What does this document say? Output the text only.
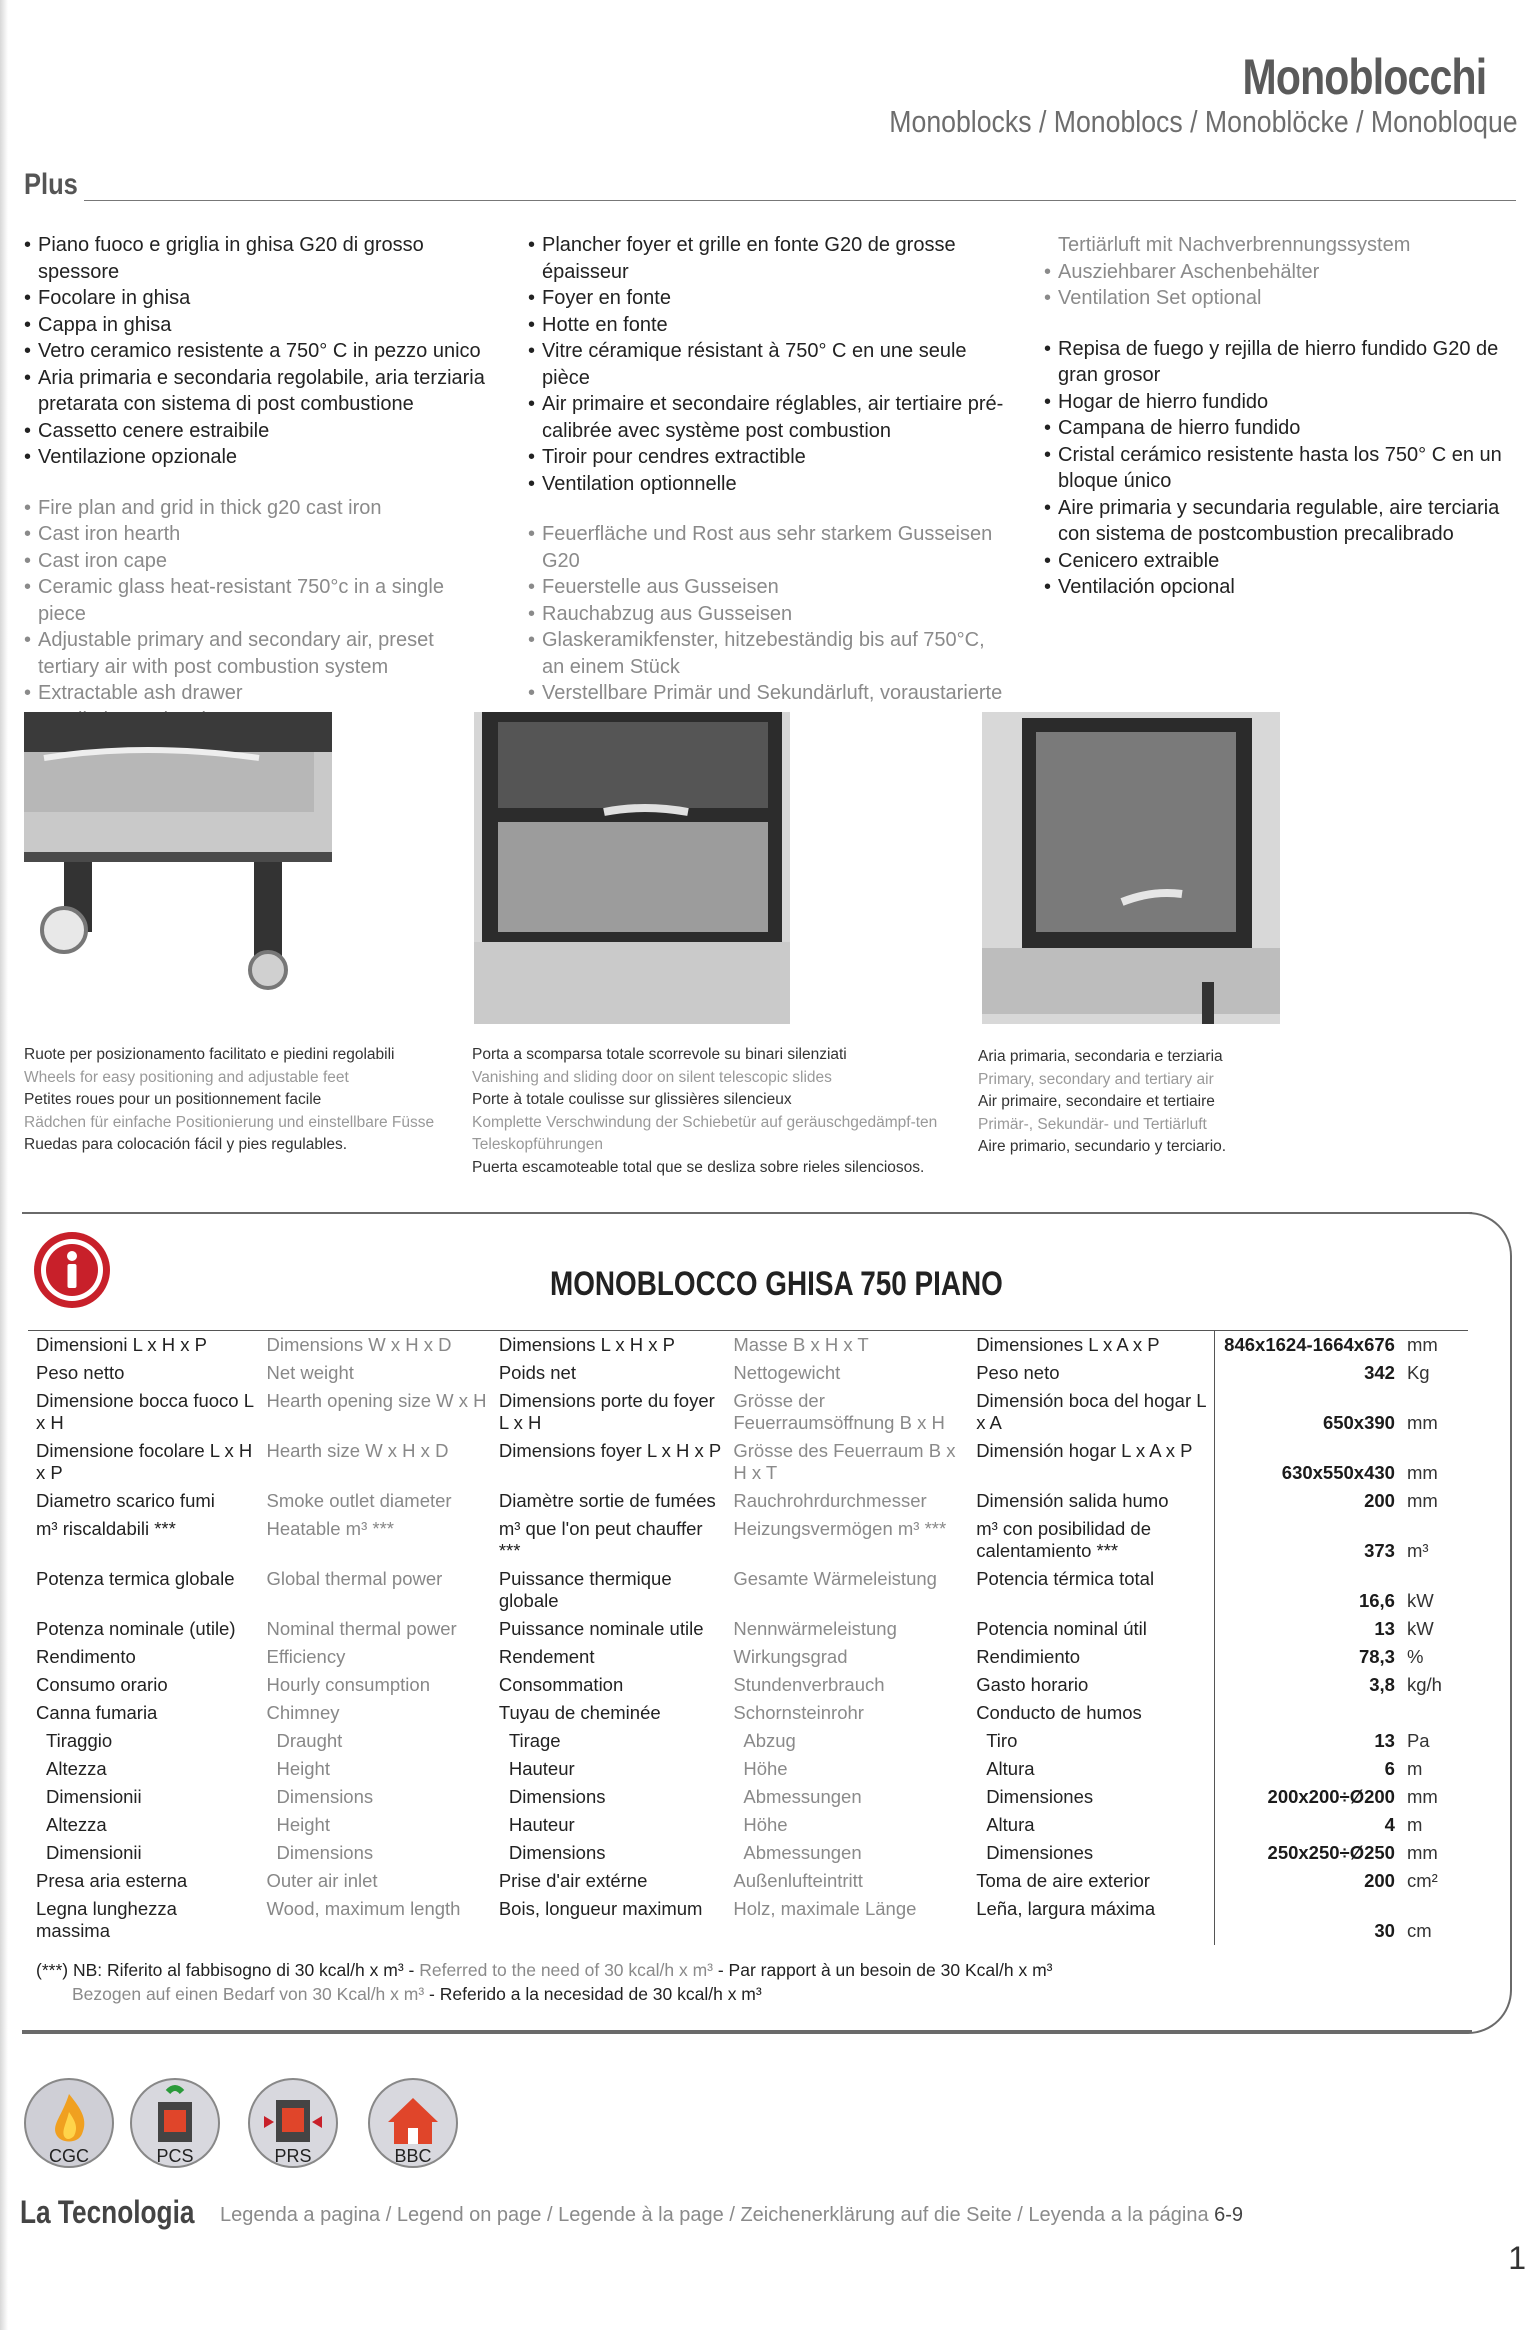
Monoblocchi
Monoblocks / Monoblocs / Monoblöcke / Monobloque
Plus
• Piano fuoco e griglia in ghisa G20 di grosso spessore
• Focolare in ghisa
• Cappa in ghisa
• Vetro ceramico resistente a 750° C in pezzo unico
• Aria primaria e secondaria regolabile, aria terziaria pretarata con sistema di post combustione
• Cassetto cenere estraibile
• Ventilazione opzionale
• Fire plan and grid in thick g20 cast iron
• Cast iron hearth
• Cast iron cape
• Ceramic glass heat-resistant 750°c in a single piece
• Adjustable primary and secondary air, preset tertiary air with post combustion system
• Extractable ash drawer
•
• Plancher foyer et grille en fonte G20 de grosse épaisseur
• Foyer en fonte
• Hotte en fonte
• Vitre céramique résistant à 750° C en une seule pièce
• Air primaire et secondaire réglables, air tertiaire pré-calibrée avec système post combustion
• Tiroir pour cendres extractible
• Ventilation optionnelle
• Feuerfläche und Rost aus sehr starkem Gusseisen G20
• Feuerstelle aus Gusseisen
• Rauchabzug aus Gusseisen
• Glaskeramikfenster, hitzebeständig bis auf 750°C, an einem Stück
• Verstellbare Primär und Sekundärluft, voraustarierte
Tertiärluft mit Nachverbrennungssystem
• Ausziehbarer Aschenbehälter
• Ventilation Set optional
• Repisa de fuego y rejilla de hierro fundido G20 de gran grosor
• Hogar de hierro fundido
• Campana de hierro fundido
• Cristal cerámico resistente hasta los 750° C en un bloque único
• Aire primaria y secundaria regulable, aire terciaria con sistema de postcombustion precalibrado
• Cenicero extraible
• Ventilación opcional
Ruote per posizionamento facilitato e piedini regolabili
Wheels for easy positioning and adjustable feet
Petites roues pour un positionnement facile
Rädchen für einfache Positionierung und einstellbare Füsse
Ruedas para colocación fácil y pies regulables.
Porta a scomparsa totale scorrevole su binari silenziati
Vanishing and sliding door on silent telescopic slides
Porte à totale coulisse sur glissières silencieux
Komplette Verschwindung der Schiebetür auf geräuschgedämpf-ten Teleskopführungen
Puerta escamoteable total que se desliza sobre rieles silenciosos.
Aria primaria, secondaria e terziaria
Primary, secondary and tertiary air
Air primaire, secondaire et tertiaire
Primär-, Sekundär- und Tertiärluft
Aire primario, secundario y terciario.
MONOBLOCCO GHISA 750 PIANO
Dimensioni L x H x P	Dimensions W x H x D	Dimensions L x H x P	Masse B x H x T	Dimensiones L x A x P	846x1624-1664x676	mm
Peso netto	Net weight	Poids net	Nettogewicht	Peso neto	342	Kg
Dimensione bocca fuoco L x H	Hearth opening size W x H	Dimensions porte du foyer L x H	Grösse der Feuerraumsöffnung B x H	Dimensión boca del hogar L x A	650x390	mm
Dimensione focolare L x H x P	Hearth size W x H x D	Dimensions foyer L x H x P	Grösse des Feuerraum B x H x T	Dimensión hogar L x A x P	630x550x430	mm
Diametro scarico fumi	Smoke outlet diameter	Diamètre sortie de fumées	Rauchrohrdurchmesser	Dimensión salida humo	200	mm
m³ riscaldabili ***	Heatable m³ ***	m³ que l'on peut chauffer ***	Heizungsvermögen m³ ***	m³ con posibilidad de calentamiento ***	373	m³
Potenza termica globale	Global thermal power	Puissance thermique globale	Gesamte Wärmeleistung	Potencia térmica total	16,6	kW
Potenza nominale (utile)	Nominal thermal power	Puissance nominale utile	Nennwärmeleistung	Potencia nominal útil	13	kW
Rendimento	Efficiency	Rendement	Wirkungsgrad	Rendimiento	78,3	%
Consumo orario	Hourly consumption	Consommation	Stundenverbrauch	Gasto horario	3,8	kg/h
Canna fumaria	Chimney	Tuyau de cheminée	Schornsteinrohr	Conducto de humos		
Tiraggio	Draught	Tirage	Abzug	Tiro	13	Pa
Altezza	Height	Hauteur	Höhe	Altura	6	m
Dimensionii	Dimensions	Dimensions	Abmessungen	Dimensiones	200x200÷Ø200	mm
Altezza	Height	Hauteur	Höhe	Altura	4	m
Dimensionii	Dimensions	Dimensions	Abmessungen	Dimensiones	250x250÷Ø250	mm
Presa aria esterna	Outer air inlet	Prise d'air extérne	Außenlufteintritt	Toma de aire exterior	200	cm²
Legna lunghezza massima	Wood, maximum length	Bois, longueur maximum	Holz, maximale Länge	Leña, largura máxima	30	cm
(***) NB: Riferito al fabbisogno di 30 kcal/h x m³ - Referred to the need of 30 kcal/h x m³ - Par rapport à un besoin de 30 Kcal/h x m³
Bezogen auf einen Bedarf von 30 Kcal/h x m³ - Referido a la necesidad de 30 kcal/h x m³
CGC	PCS	PRS	BBC
La Tecnologia Legenda a pagina / Legend on page / Legende à la page / Zeichenerklärung auf die Seite / Leyenda a la página 6-9
1
